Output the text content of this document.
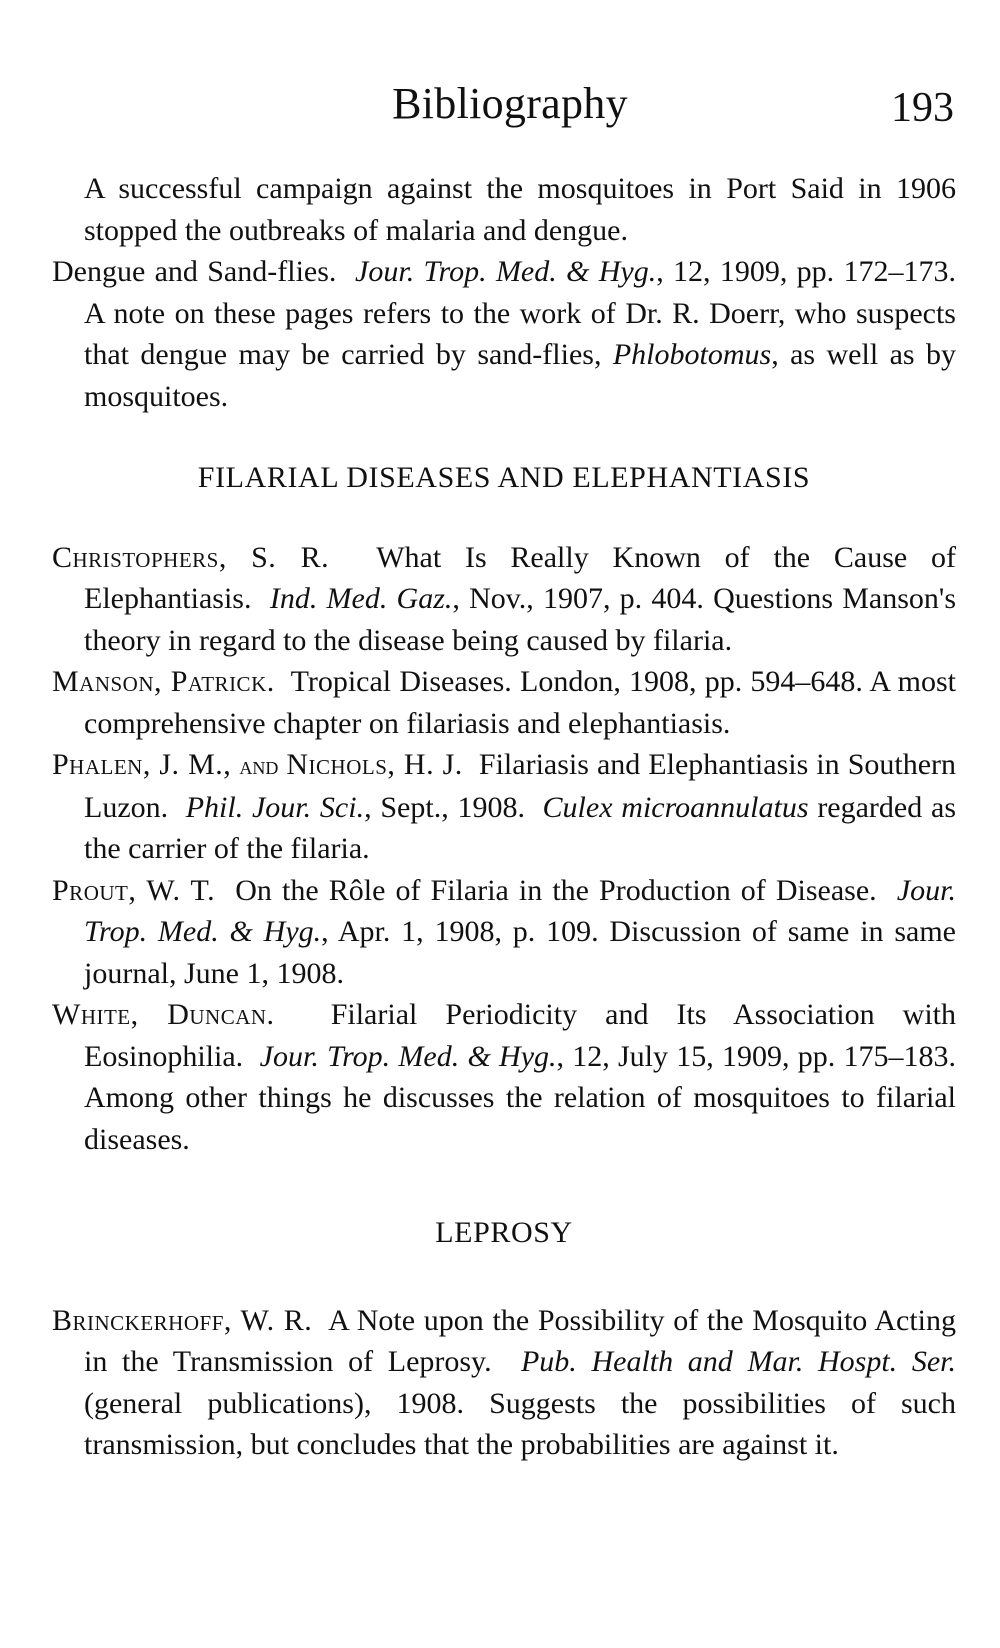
Bibliography	193

A successful campaign against the mosquitoes in Port Said in 1906 stopped the outbreaks of malaria and dengue.

Dengue and Sand-flies. Jour. Trop. Med. & Hyg., 12, 1909, pp. 172–173. A note on these pages refers to the work of Dr. R. Doerr, who suspects that dengue may be carried by sand-flies, Phlobotomus, as well as by mosquitoes.

FILARIAL DISEASES AND ELEPHANTIASIS

Christophers, S. R. What Is Really Known of the Cause of Elephantiasis. Ind. Med. Gaz., Nov., 1907, p. 404. Questions Manson's theory in regard to the disease being caused by filaria.

Manson, Patrick. Tropical Diseases. London, 1908, pp. 594–648. A most comprehensive chapter on filariasis and elephantiasis.

Phalen, J. M., and Nichols, H. J. Filariasis and Elephantiasis in Southern Luzon. Phil. Jour. Sci., Sept., 1908. Culex microannulatus regarded as the carrier of the filaria.

Prout, W. T. On the Rôle of Filaria in the Production of Disease. Jour. Trop. Med. & Hyg., Apr. 1, 1908, p. 109. Discussion of same in same journal, June 1, 1908.

White, Duncan. Filarial Periodicity and Its Association with Eosinophilia. Jour. Trop. Med. & Hyg., 12, July 15, 1909, pp. 175–183. Among other things he discusses the relation of mosquitoes to filarial diseases.

LEPROSY

Brinckerhoff, W. R. A Note upon the Possibility of the Mosquito Acting in the Transmission of Leprosy. Pub. Health and Mar. Hospt. Ser. (general publications), 1908. Suggests the possibilities of such transmission, but concludes that the probabilities are against it.
